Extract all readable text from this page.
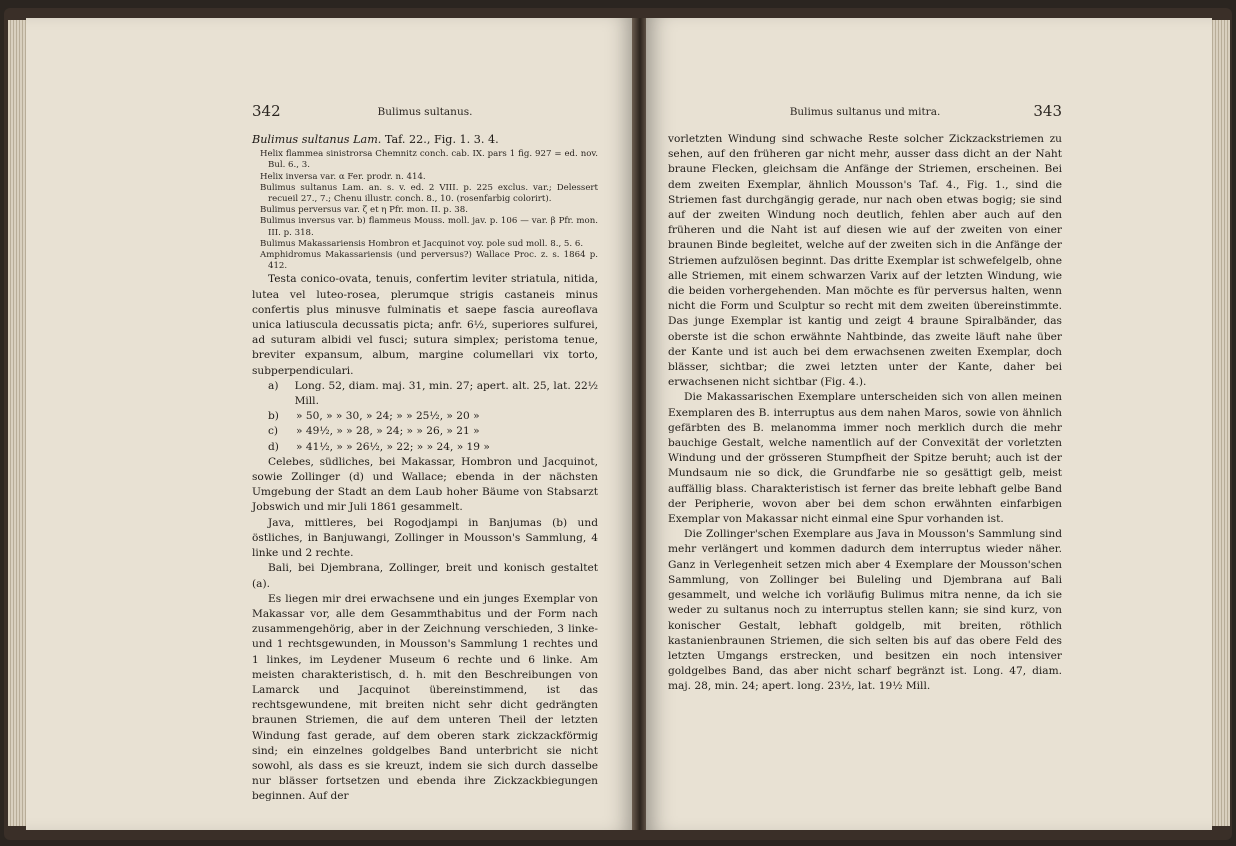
342	Bulimus sultanus.
Bulimus sultanus Lam. Taf. 22., Fig. 1. 3. 4.
Helix flammea sinistrorsa Chemnitz conch. cab. IX. pars 1 fig. 927 = ed. nov. Bul. 6., 3.
Helix inversa var. α Fer. prodr. n. 414.
Bulimus sultanus Lam. an. s. v. ed. 2 VIII. p. 225 exclus. var.; Delessert recueil 27., 7.; Chenu illustr. conch. 8., 10. (rosenfarbig colorirt).
Bulimus perversus var. ζ et η Pfr. mon. II. p. 38.
Bulimus inversus var. b) flammeus Mouss. moll. jav. p. 106 — var. β Pfr. mon. III. p. 318.
Bulimus Makassariensis Hombron et Jacquinot voy. pole sud moll. 8., 5. 6.
Amphidromus Makassariensis (und perversus?) Wallace Proc. z. s. 1864 p. 412.

Testa conico-ovata, tenuis, confertim leviter striatula, nitida, lutea vel luteo-rosea, plerumque strigis castaneis minus confertis plus minusve fulminatis et saepe fascia aureoflava unica latiuscula decussatis picta; anfr. 6½, superiores sulfurei, ad suturam albidi vel fusci; sutura simplex; peristoma tenue, breviter expansum, album, margine columellari vix torto, subperpendiculari.

a)	Long. 52, diam. maj. 31, min. 27; apert. alt. 25, lat. 22½ Mill.
b)	» 50, » » 30, » 24; » » 25½, » 20 »
c)	» 49½, » » 28, » 24; » » 26, » 21 »
d)	» 41½, » » 26½, » 22; » » 24, » 19 »

Celebes, südliches, bei Makassar, Hombron und Jacquinot, sowie Zollinger (d) und Wallace; ebenda in der nächsten Umgebung der Stadt an dem Laub hoher Bäume von Stabsarzt Jobswich und mir Juli 1861 gesammelt.

Java, mittleres, bei Rogodjampi in Banjumas (b) und östliches, in Banjuwangi, Zollinger in Mousson's Sammlung, 4 linke und 2 rechte.

Bali, bei Djembrana, Zollinger, breit und konisch gestaltet (a).

Es liegen mir drei erwachsene und ein junges Exemplar von Makassar vor, alle dem Gesammthabitus und der Form nach zusammengehörig, aber in der Zeichnung verschieden, 3 linke- und 1 rechtsgewunden, in Mousson's Sammlung 1 rechtes und 1 linkes, im Leydener Museum 6 rechte und 6 linke. Am meisten charakteristisch, d. h. mit den Beschreibungen von Lamarck und Jacquinot übereinstimmend, ist das rechtsgewundene, mit breiten nicht sehr dicht gedrängten braunen Striemen, die auf dem unteren Theil der letzten Windung fast gerade, auf dem oberen stark zickzackförmig sind; ein einzelnes goldgelbes Band unterbricht sie nicht sowohl, als dass es sie kreuzt, indem sie sich durch dasselbe nur blässer fortsetzen und ebenda ihre Zickzackbiegungen beginnen. Auf der

Bulimus sultanus und mitra.	343

vorletzten Windung sind schwache Reste solcher Zickzackstriemen zu sehen, auf den früheren gar nicht mehr, ausser dass dicht an der Naht braune Flecken, gleichsam die Anfänge der Striemen, erscheinen. Bei dem zweiten Exemplar, ähnlich Mousson's Taf. 4., Fig. 1., sind die Striemen fast durchgängig gerade, nur nach oben etwas bogig; sie sind auf der zweiten Windung noch deutlich, fehlen aber auch auf den früheren und die Naht ist auf diesen wie auf der zweiten von einer braunen Binde begleitet, welche auf der zweiten sich in die Anfänge der Striemen aufzulösen beginnt. Das dritte Exemplar ist schwefelgelb, ohne alle Striemen, mit einem schwarzen Varix auf der letzten Windung, wie die beiden vorhergehenden. Man möchte es für perversus halten, wenn nicht die Form und Sculptur so recht mit dem zweiten übereinstimmte. Das junge Exemplar ist kantig und zeigt 4 braune Spiralbänder, das oberste ist die schon erwähnte Nahtbinde, das zweite läuft nahe über der Kante und ist auch bei dem erwachsenen zweiten Exemplar, doch blässer, sichtbar; die zwei letzten unter der Kante, daher bei erwachsenen nicht sichtbar (Fig. 4.).

Die Makassarischen Exemplare unterscheiden sich von allen meinen Exemplaren des B. interruptus aus dem nahen Maros, sowie von ähnlich gefärbten des B. melanomma immer noch merklich durch die mehr bauchige Gestalt, welche namentlich auf der Convexität der vorletzten Windung und der grösseren Stumpfheit der Spitze beruht; auch ist der Mundsaum nie so dick, die Grundfarbe nie so gesättigt gelb, meist auffällig blass. Charakteristisch ist ferner das breite lebhaft gelbe Band der Peripherie, wovon aber bei dem schon erwähnten einfarbigen Exemplar von Makassar nicht einmal eine Spur vorhanden ist.

Die Zollinger'schen Exemplare aus Java in Mousson's Sammlung sind mehr verlängert und kommen dadurch dem interruptus wieder näher. Ganz in Verlegenheit setzen mich aber 4 Exemplare der Mousson'schen Sammlung, von Zollinger bei Buleling und Djembrana auf Bali gesammelt, und welche ich vorläufig Bulimus mitra nenne, da ich sie weder zu sultanus noch zu interruptus stellen kann; sie sind kurz, von konischer Gestalt, lebhaft goldgelb, mit breiten, röthlich kastanienbraunen Striemen, die sich selten bis auf das obere Feld des letzten Umgangs erstrecken, und besitzen ein noch intensiver goldgelbes Band, das aber nicht scharf begränzt ist. Long. 47, diam. maj. 28, min. 24; apert. long. 23½, lat. 19½ Mill.
